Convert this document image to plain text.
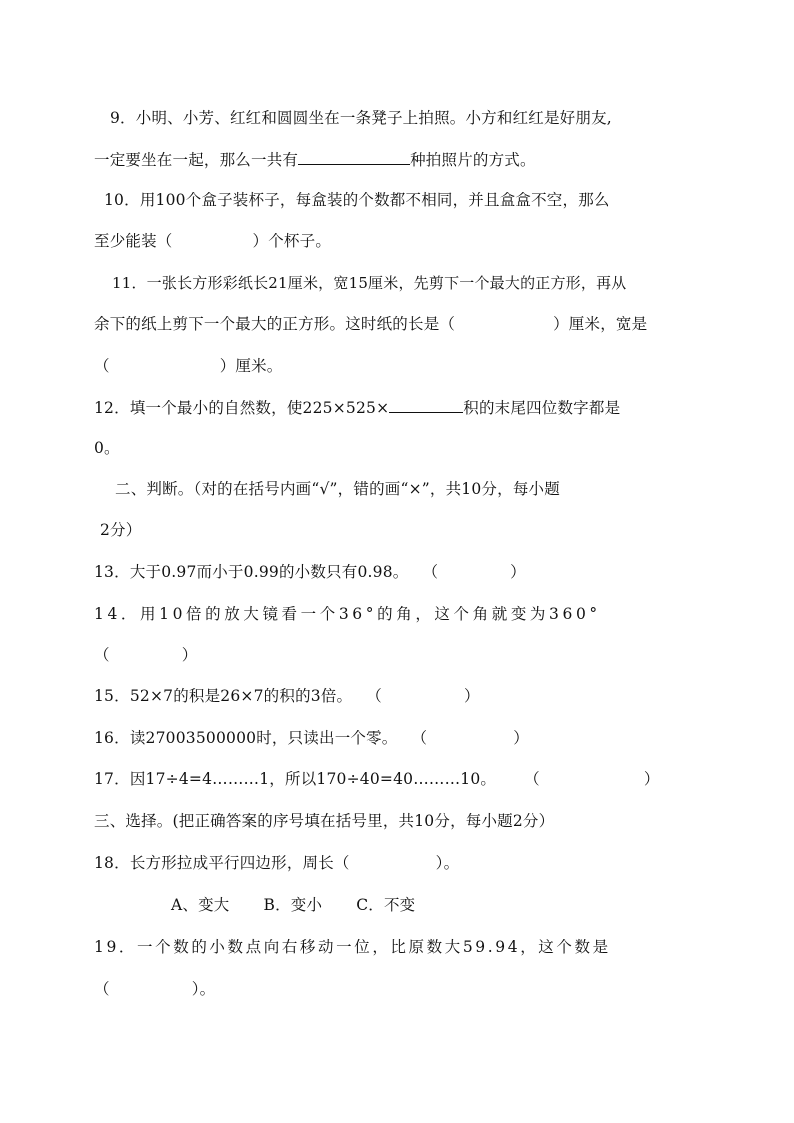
9．小明、小芳、红红和圆圆坐在一条凳子上拍照。小方和红红是好朋友,
一定要坐在一起，那么一共有	种拍照片的方式。
10．用100个盒子装杯子，每盒装的个数都不相同，并且盒盒不空，那么
至少能装（	）个杯子。
11．一张长方形彩纸长21厘米，宽15厘米，先剪下一个最大的正方形，再从
余下的纸上剪下一个最大的正方形。这时纸的长是（	）厘米，宽是
（	）厘米。
12．填一个最小的自然数，使225×525×	积的末尾四位数字都是
0。
二、判断。（对的在括号内画“√”，错的画“×”，共10分，每小题
2分）
13．大于0.97而小于0.99的小数只有0.98。 （	）
14．用10倍的放大镜看一个36°的角，这个角就变为360°
（	）
15．52×7的积是26×7的积的3倍。 （	）
16．读27003500000时，只读出一个零。 （	）
17．因17÷4=4………1，所以170÷40=40………10。 （	）
三、选择。(把正确答案的序号填在括号里，共10分，每小题2分）
18．长方形拉成平行四边形，周长（	）。
A、变大 B．变小 C．不变
19．一个数的小数点向右移动一位，比原数大59.94，这个数是
（	）。
